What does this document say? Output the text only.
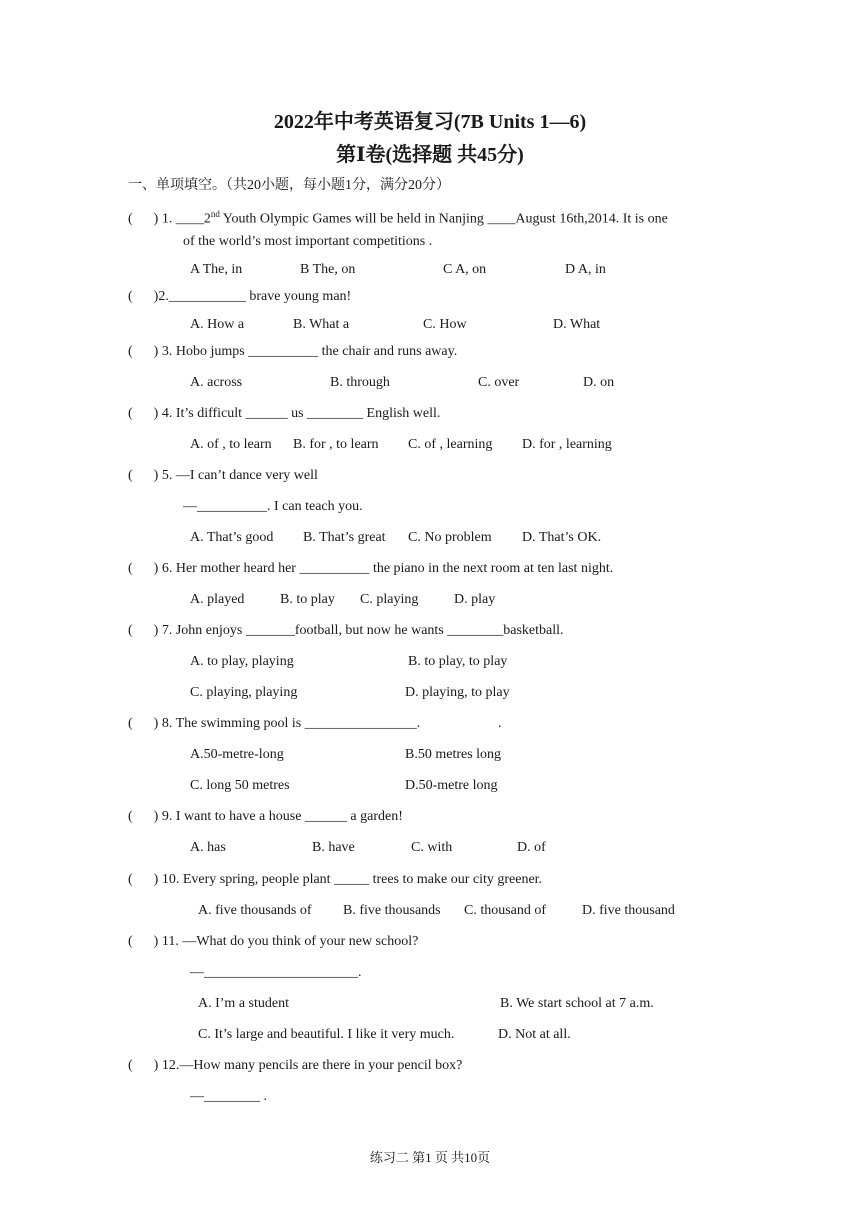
2022年中考英语复习(7B Units 1—6)
第Ⅰ卷(选择题 共45分)
一、单项填空。（共20小题，每小题1分，满分20分）
(      ) 1. ____2nd Youth Olympic Games will be held in Nanjing ____August 16th,2014. It is one
of the world’s most important competitions .
A The, in	B The, on	C A, on	D A, in
(      )2.___________ brave young man!
A. How a	B. What a	C. How	D. What
(      ) 3. Hobo jumps __________ the chair and runs away.
A. across	B. through	C. over	D. on
(      ) 4. It’s difficult ______ us ________ English well.
A. of , to learn B. for , to learn C. of , learning D. for , learning
(      ) 5. —I can’t dance very well
—__________. I can teach you.
A. That’s good B. That’s great C. No problem D. That’s OK.
(      ) 6. Her mother heard her __________ the piano in the next room at ten last night.
A. played	B. to play C. playing	D. play
(      ) 7. John enjoys _______football, but now he wants ________basketball.
A. to play, playing	B. to play, to play
C. playing, playing	D. playing, to play
(      ) 8. The swimming pool is ________________.	.
A.50-metre-long	B.50 metres long
C. long 50 metres	D.50-metre long
(      ) 9. I want to have a house ______ a garden!
A. has	B. have	C. with	D. of
(      ) 10. Every spring, people plant _____ trees to make our city greener.
A. five thousands of B. five thousands C. thousand of	D. five thousand
(      ) 11. —What do you think of your new school?
—______________________.
A. I’m a student	B. We start school at 7 a.m.
C. It’s large and beautiful. I like it very much.	D. Not at all.
(      ) 12.—How many pencils are there in your pencil box?
—________ .
练习二 第1 页 共10页
